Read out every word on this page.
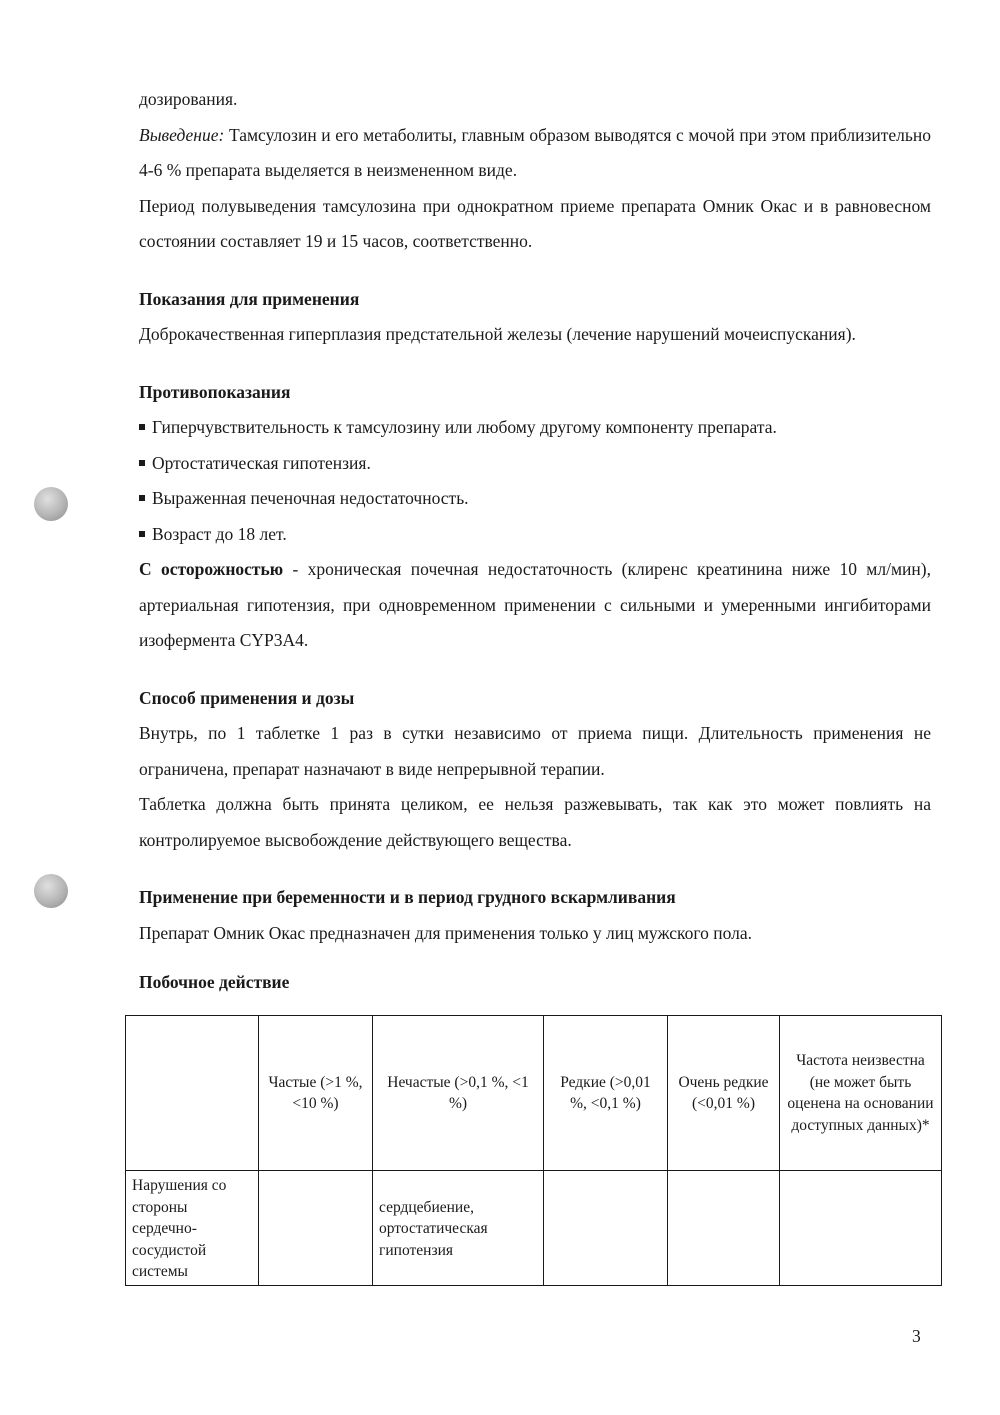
дозирования.

Выведение: Тамсулозин и его метаболиты, главным образом выводятся с мочой при этом приблизительно 4-6 % препарата выделяется в неизмененном виде.

Период полувыведения тамсулозина при однократном приеме препарата Омник Окас и в равновесном состоянии составляет 19 и 15 часов, соответственно.

Показания для применения

Доброкачественная гиперплазия предстательной железы (лечение нарушений мочеиспускания).

Противопоказания

Гиперчувствительность к тамсулозину или любому другому компоненту препарата.

Ортостатическая гипотензия.

Выраженная печеночная недостаточность.

Возраст до 18 лет.

С осторожностью - хроническая почечная недостаточность (клиренс креатинина ниже 10 мл/мин), артериальная гипотензия, при одновременном применении с сильными и умеренными ингибиторами изофермента CYP3A4.

Способ применения и дозы

Внутрь, по 1 таблетке 1 раз в сутки независимо от приема пищи. Длительность применения не ограничена, препарат назначают в виде непрерывной терапии.

Таблетка должна быть принята целиком, ее нельзя разжевывать, так как это может повлиять на контролируемое высвобождение действующего вещества.

Применение при беременности и в период грудного вскармливания

Препарат Омник Окас предназначен для применения только у лиц мужского пола.

Побочное действие

	Частые (>1 %, <10 %)	Нечастые (>0,1 %, <1 %)	Редкие (>0,01 %, <0,1 %)	Очень редкие (<0,01 %)	Частота неизвестна (не может быть оценена на основании доступных данных)*
Нарушения со стороны сердечно-сосудистой системы		сердцебиение, ортостатическая гипотензия			
3
